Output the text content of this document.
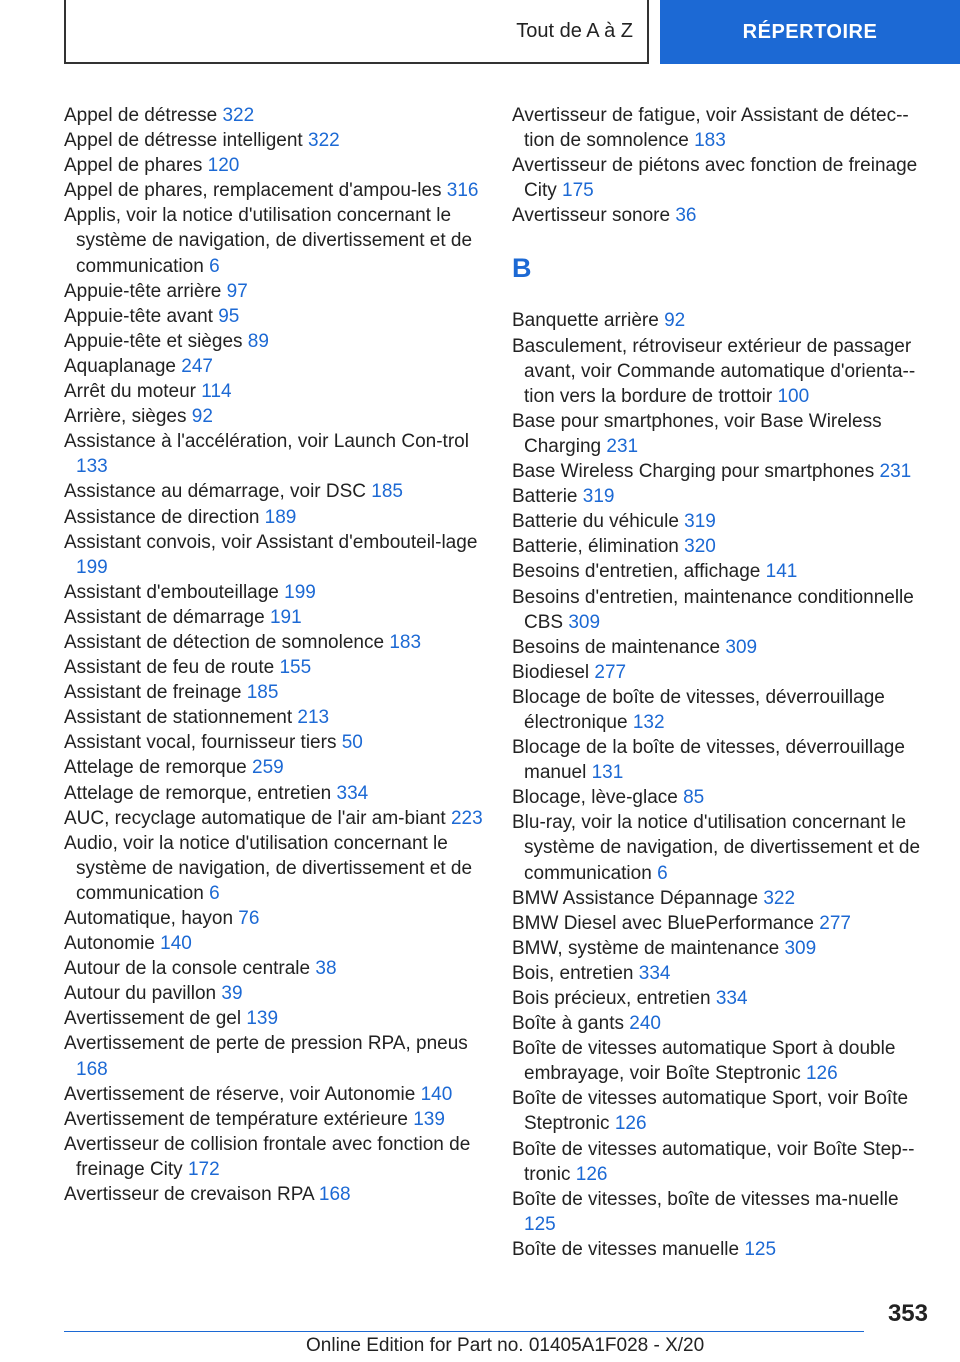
Tout de A à Z	RÉPERTOIRE
Appel de détresse 322
Appel de détresse intelligent 322
Appel de phares 120
Appel de phares, remplacement d'ampou-les 316
Applis, voir la notice d'utilisation concernant le système de navigation, de divertissement et de communication 6
Appuie-tête arrière 97
Appuie-tête avant 95
Appuie-tête et sièges 89
Aquaplanage 247
Arrêt du moteur 114
Arrière, sièges 92
Assistance à l'accélération, voir Launch Con-trol 133
Assistance au démarrage, voir DSC 185
Assistance de direction 189
Assistant convois, voir Assistant d'embouteil-lage 199
Assistant d'embouteillage 199
Assistant de démarrage 191
Assistant de détection de somnolence 183
Assistant de feu de route 155
Assistant de freinage 185
Assistant de stationnement 213
Assistant vocal, fournisseur tiers 50
Attelage de remorque 259
Attelage de remorque, entretien 334
AUC, recyclage automatique de l'air am-biant 223
Audio, voir la notice d'utilisation concernant le système de navigation, de divertissement et de communication 6
Automatique, hayon 76
Autonomie 140
Autour de la console centrale 38
Autour du pavillon 39
Avertissement de gel 139
Avertissement de perte de pression RPA, pneus 168
Avertissement de réserve, voir Autonomie 140
Avertissement de température extérieure 139
Avertisseur de collision frontale avec fonction de freinage City 172
Avertisseur de crevaison RPA 168
Avertisseur de fatigue, voir Assistant de détec-tion de somnolence 183
Avertisseur de piétons avec fonction de freinage City 175
Avertisseur sonore 36
B
Banquette arrière 92
Basculement, rétroviseur extérieur de passager avant, voir Commande automatique d'orienta-tion vers la bordure de trottoir 100
Base pour smartphones, voir Base Wireless Charging 231
Base Wireless Charging pour smartphones 231
Batterie 319
Batterie du véhicule 319
Batterie, élimination 320
Besoins d'entretien, affichage 141
Besoins d'entretien, maintenance conditionnelle CBS 309
Besoins de maintenance 309
Biodiesel 277
Blocage de boîte de vitesses, déverrouillage électronique 132
Blocage de la boîte de vitesses, déverrouillage manuel 131
Blocage, lève-glace 85
Blu-ray, voir la notice d'utilisation concernant le système de navigation, de divertissement et de communication 6
BMW Assistance Dépannage 322
BMW Diesel avec BluePerformance 277
BMW, système de maintenance 309
Bois, entretien 334
Bois précieux, entretien 334
Boîte à gants 240
Boîte de vitesses automatique Sport à double embrayage, voir Boîte Steptronic 126
Boîte de vitesses automatique Sport, voir Boîte Steptronic 126
Boîte de vitesses automatique, voir Boîte Step-tronic 126
Boîte de vitesses, boîte de vitesses ma-nuelle 125
Boîte de vitesses manuelle 125
353
Online Edition for Part no. 01405A1F028 - X/20
